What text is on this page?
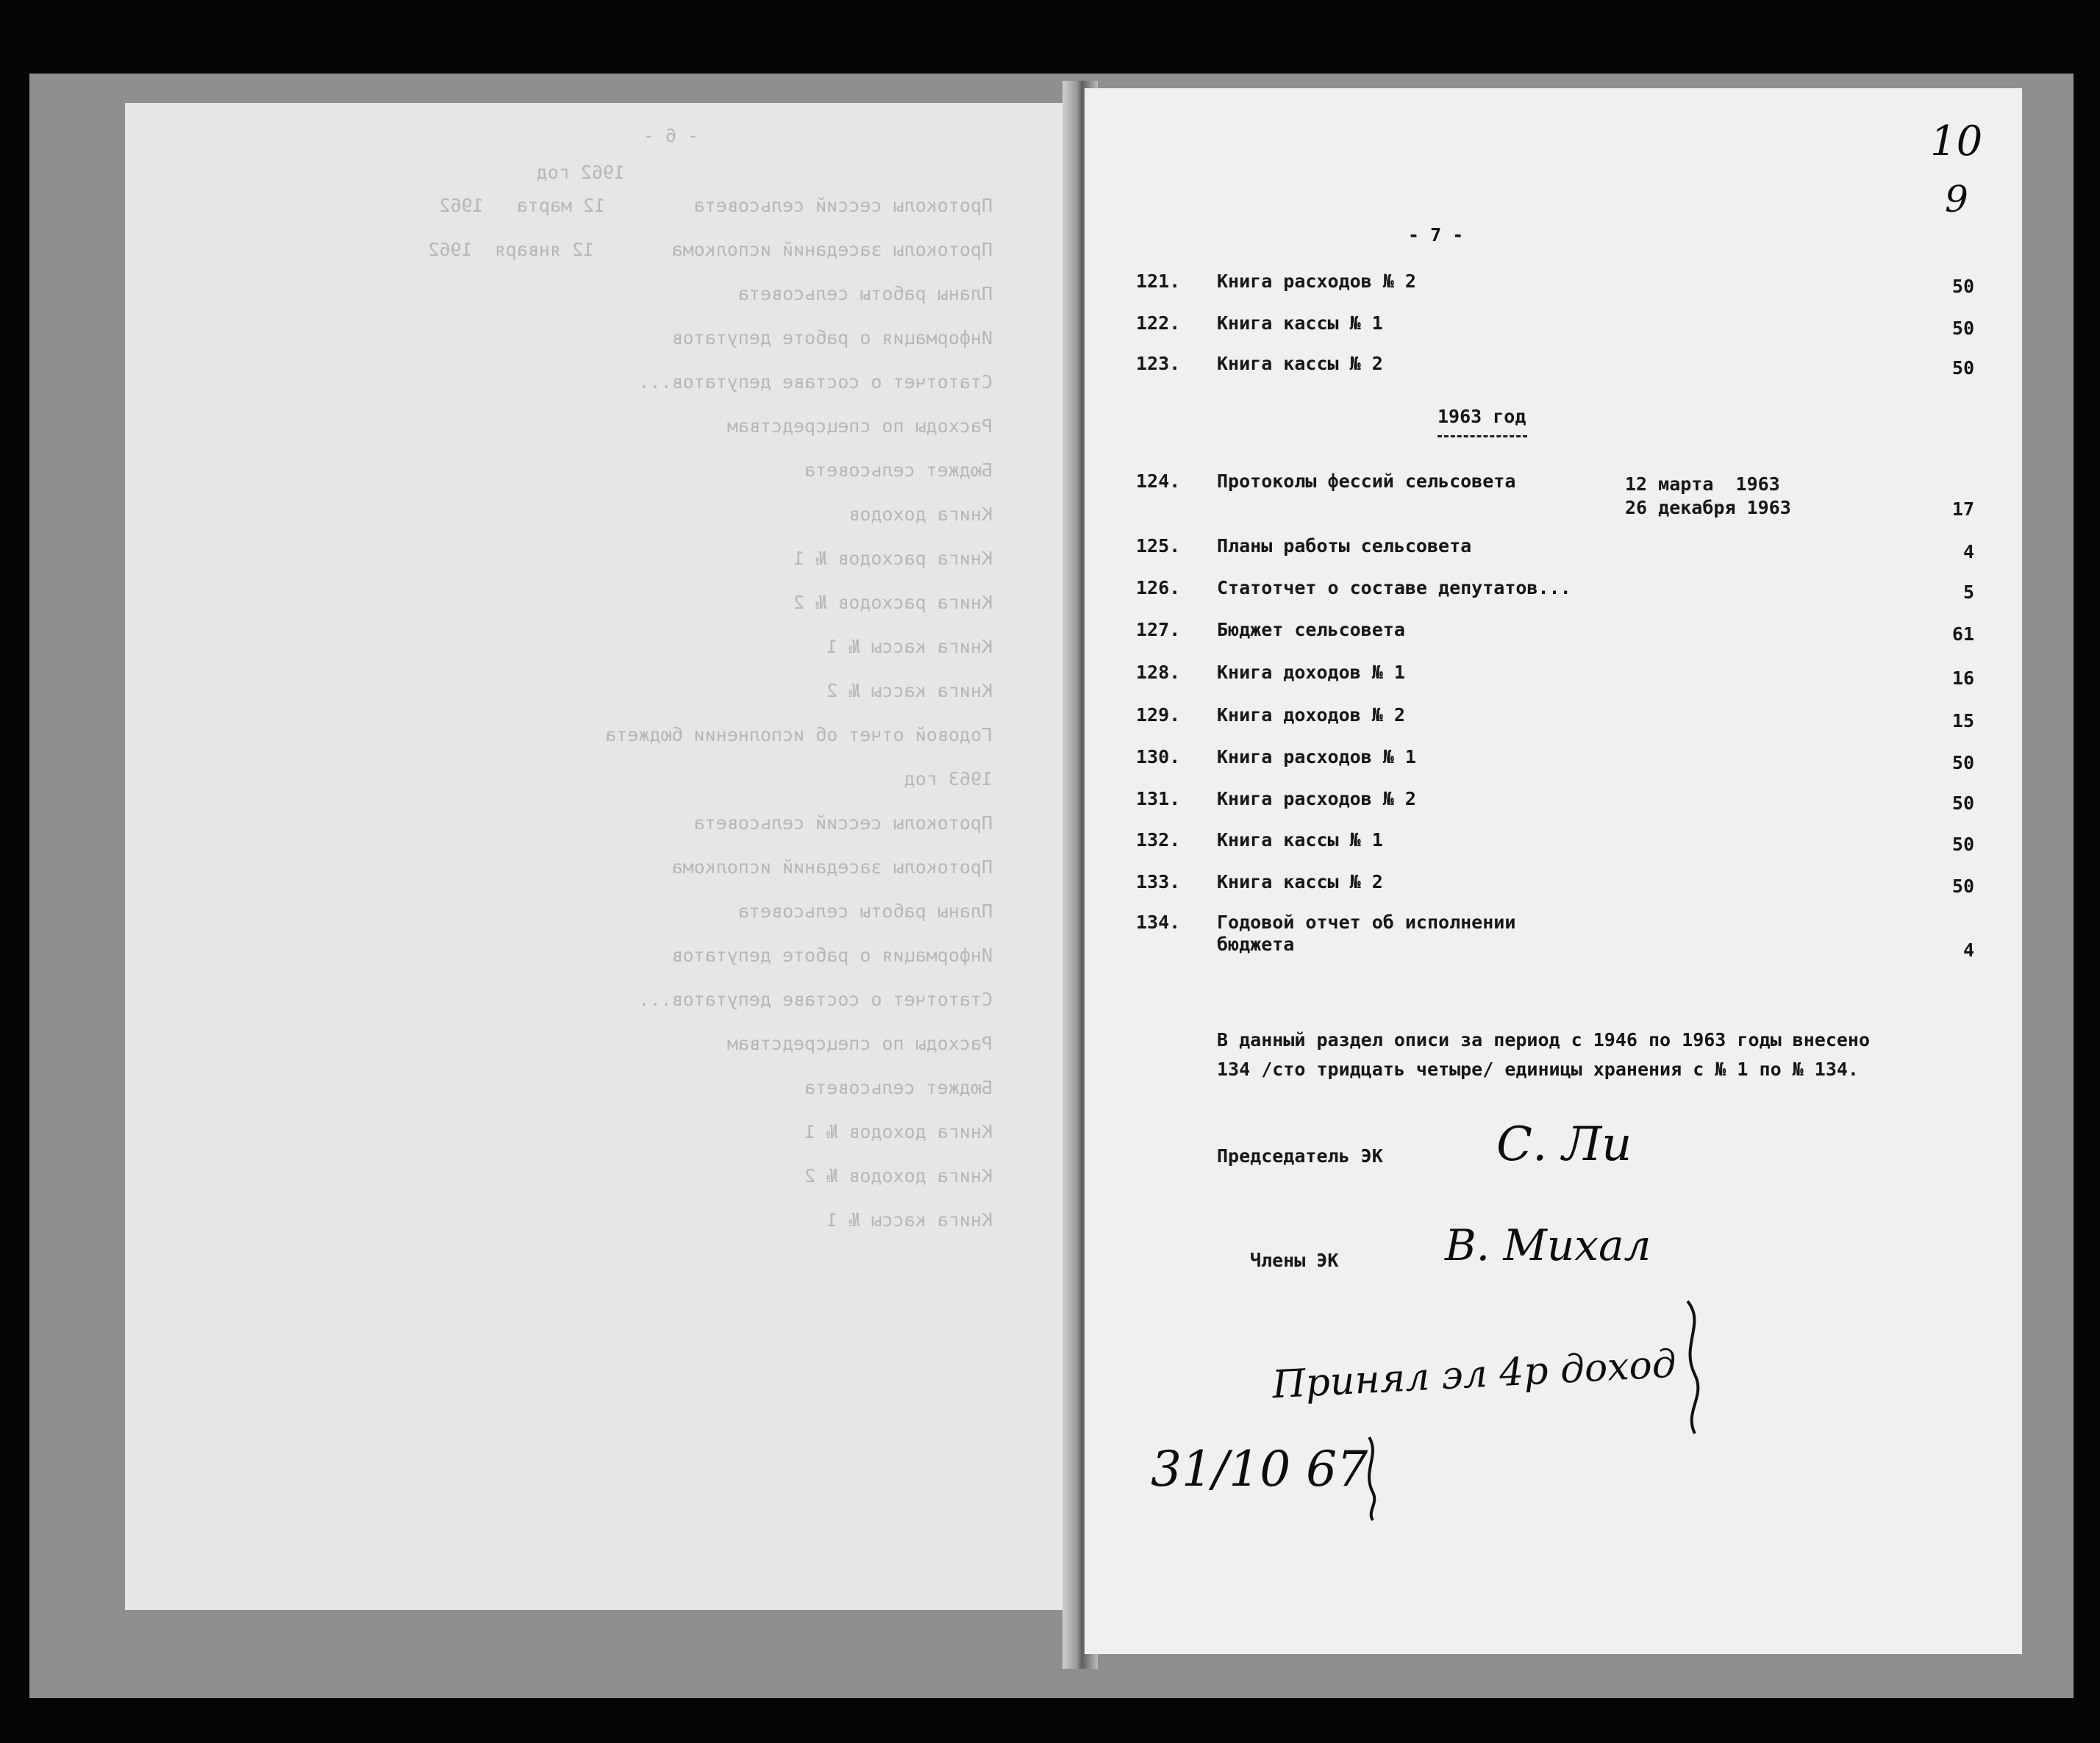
- 6 -
1962 год
Протоколы сессий сельсовета        12 марта   1962
Протоколы заседаний исполкома       12 января  1962
Планы работы сельсовета
Информация о работе депутатов
Статотчет о составе депутатов...
Расходы по спецсредствам
Бюджет сельсовета
Книга доходов
Книга расходов № 1
Книга расходов № 2
Книга кассы № 1
Книга кассы № 2
Годовой отчет об исполнении бюджета
1963 год
Протоколы сессий сельсовета
Протоколы заседаний исполкома
Планы работы сельсовета
Информация о работе депутатов
Статотчет о составе депутатов...
Расходы по спецсредствам
Бюджет сельсовета
Книга доходов № 1
Книга доходов № 2
Книга кассы № 1
10
9
- 7 -
121. Книга расходов № 2	50
122. Книга кассы № 1	50
123. Книга кассы № 2	50
1963 год
124. Протоколы фессий сельсовета	12 марта  1963
26 декабря 1963	17
125. Планы работы сельсовета	4
126. Статотчет о составе депутатов...	5
127. Бюджет сельсовета	61
128. Книга доходов № 1	16
129. Книга доходов № 2	15
130. Книга расходов № 1	50
131. Книга расходов № 2	50
132. Книга кассы № 1	50
133. Книга кассы № 2	50
134. Годовой отчет об исполнении
бюджета	4
В данный раздел описи за период с 1946 по 1963 годы внесено
134 /сто тридцать четыре/ единицы хранения с № 1 по № 134.
Председатель ЭК С. Ли
Члены ЭК В. Михал
Принял эл 4р доход
31/10 67
